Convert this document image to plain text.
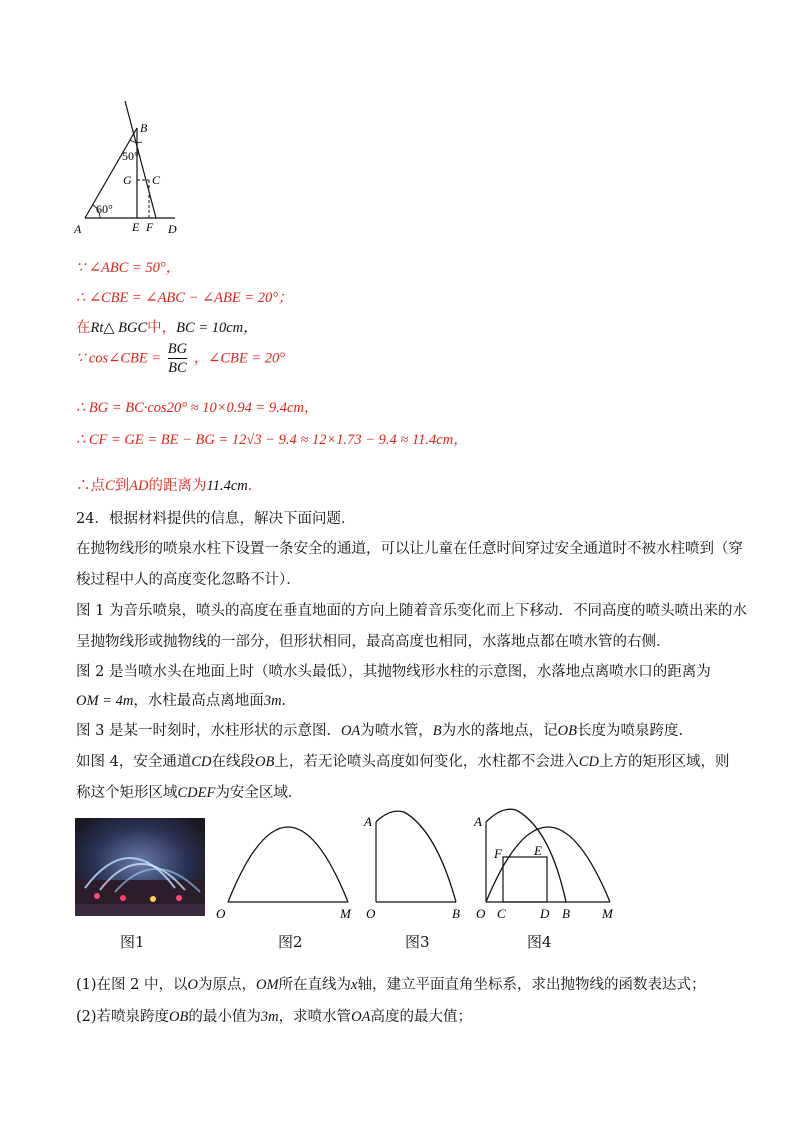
B
50°
G C
60°
A	E F D
∵ ∠ABC = 50°，
∴ ∠CBE = ∠ABC − ∠ABE = 20°；
在Rt△ BGC中，BC = 10cm，
∵ cos∠CBE = $\frac{BG}{BC}$ ，∠CBE = 20°
∴ BG = BC·cos20° ≈ 10×0.94 = 9.4cm，
∴ CF = GE = BE − BG = 12√3 − 9.4 ≈ 12×1.73 − 9.4 ≈ 11.4cm，
∴点C到AD的距离为11.4cm.
24．根据材料提供的信息，解决下面问题．
在抛物线形的喷泉水柱下设置一条安全的通道，可以让儿童在任意时间穿过安全通道时不被水柱喷到（穿
梭过程中人的高度变化忽略不计）．
图 1 为音乐喷泉，喷头的高度在垂直地面的方向上随着音乐变化而上下移动．不同高度的喷头喷出来的水
呈抛物线形或抛物线的一部分，但形状相同，最高高度也相同，水落地点都在喷水管的右侧．
图 2 是当喷水头在地面上时（喷水头最低），其抛物线形水柱的示意图，水落地点离喷水口的距离为
OM = 4m，水柱最高点离地面3m．
图 3 是某一时刻时，水柱形状的示意图．OA为喷水管，B为水的落地点，记OB长度为喷泉跨度．
如图 4，安全通道CD在线段OB上，若无论喷头高度如何变化，水柱都不会进入CD上方的矩形区域，则
称这个矩形区域CDEF为安全区域．
O	M
A
O	B
A
F E
O C	D B M
图1	图2	图3	图4
(1)在图 2 中，以O为原点，OM所在直线为x轴，建立平面直角坐标系，求出抛物线的函数表达式；
(2)若喷泉跨度OB的最小值为3m，求喷水管OA高度的最大值；
